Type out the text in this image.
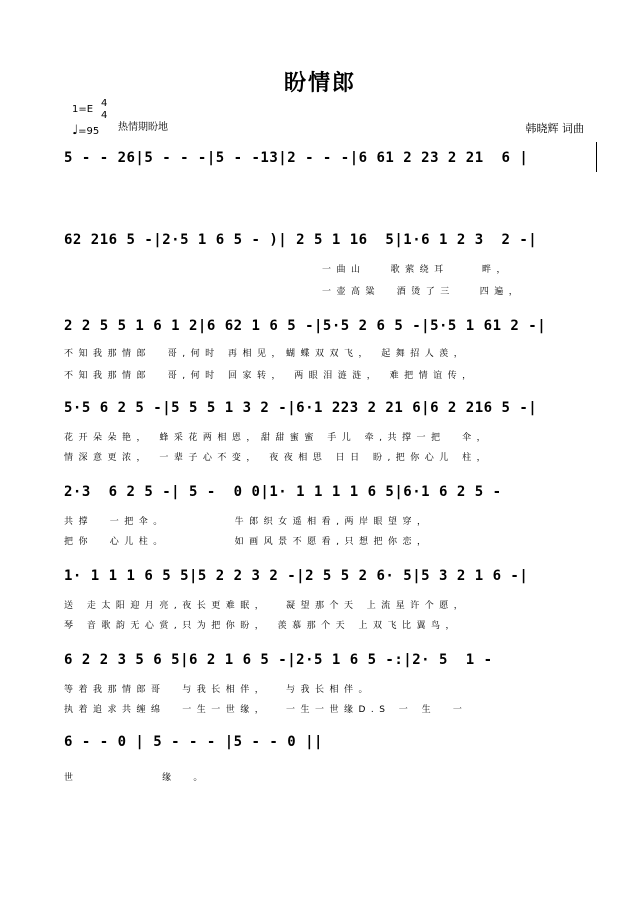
盼情郎
1=E
4
4
♩=95 热情期盼地	韩晓辉 词曲
5 - - 26|5 - - -|5 - -13|2 - - -|6 61 2 23 2 21  6 |
62 216 5 -|2·5 1 6 5 - )| 2 5 1 16  5|1·6 1 2 3  2 -|
一曲山   歌萦绕耳    畔，
一壶高粱  酒烫了三   四遍，
2 2 5 5 1 6 1 2|6 62 1 6 5 -|5·5 2 6 5 -|5·5 1 61 2 -|
不知我那情郎  哥,何时 再相见，蝴蝶双双飞， 起舞招人羡，
不知我那情郎  哥,何时 回家转， 两眼泪涟涟， 难把情谊传，
5·5 6 2 5 -|5 5 5 1 3 2 -|6·1 223 2 21 6|6 2 216 5 -|
花开朵朵艳， 蜂采花两相恩，甜甜蜜蜜 手儿 牵,共撑一把  伞，
情深意更浓， 一辈子心不变， 夜夜相思 日日 盼,把你心儿 柱，
2·3  6 2 5 -| 5 -  0 0|1· 1 1 1 1 6 5|6·1 6 2 5 -
共撑  一把伞。        牛郎织女遥相看,两岸眼望穿，
把你  心儿柱。        如画风景不愿看,只想把你恋，
1· 1 1 1 6 5 5|5 2 2 3 2 -|2 5 5 2 6· 5|5 3 2 1 6 -|
送 走太阳迎月亮,夜长更难眠，  凝望那个天 上流星许个愿，
琴 音歌韵无心赏,只为把你盼， 羡慕那个天 上双飞比翼鸟，
6 2 2 3 5 6 5|6 2 1 6 5 -|2·5 1 6 5 -:|2· 5  1 -
等着我那情郎哥  与我长相伴，  与我长相伴。
执着追求共缠绵  一生一世缘，  一生一世缘D.S 一 生  一
6 - - 0 | 5 - - - |5 - - 0 ||
世          缘  。
